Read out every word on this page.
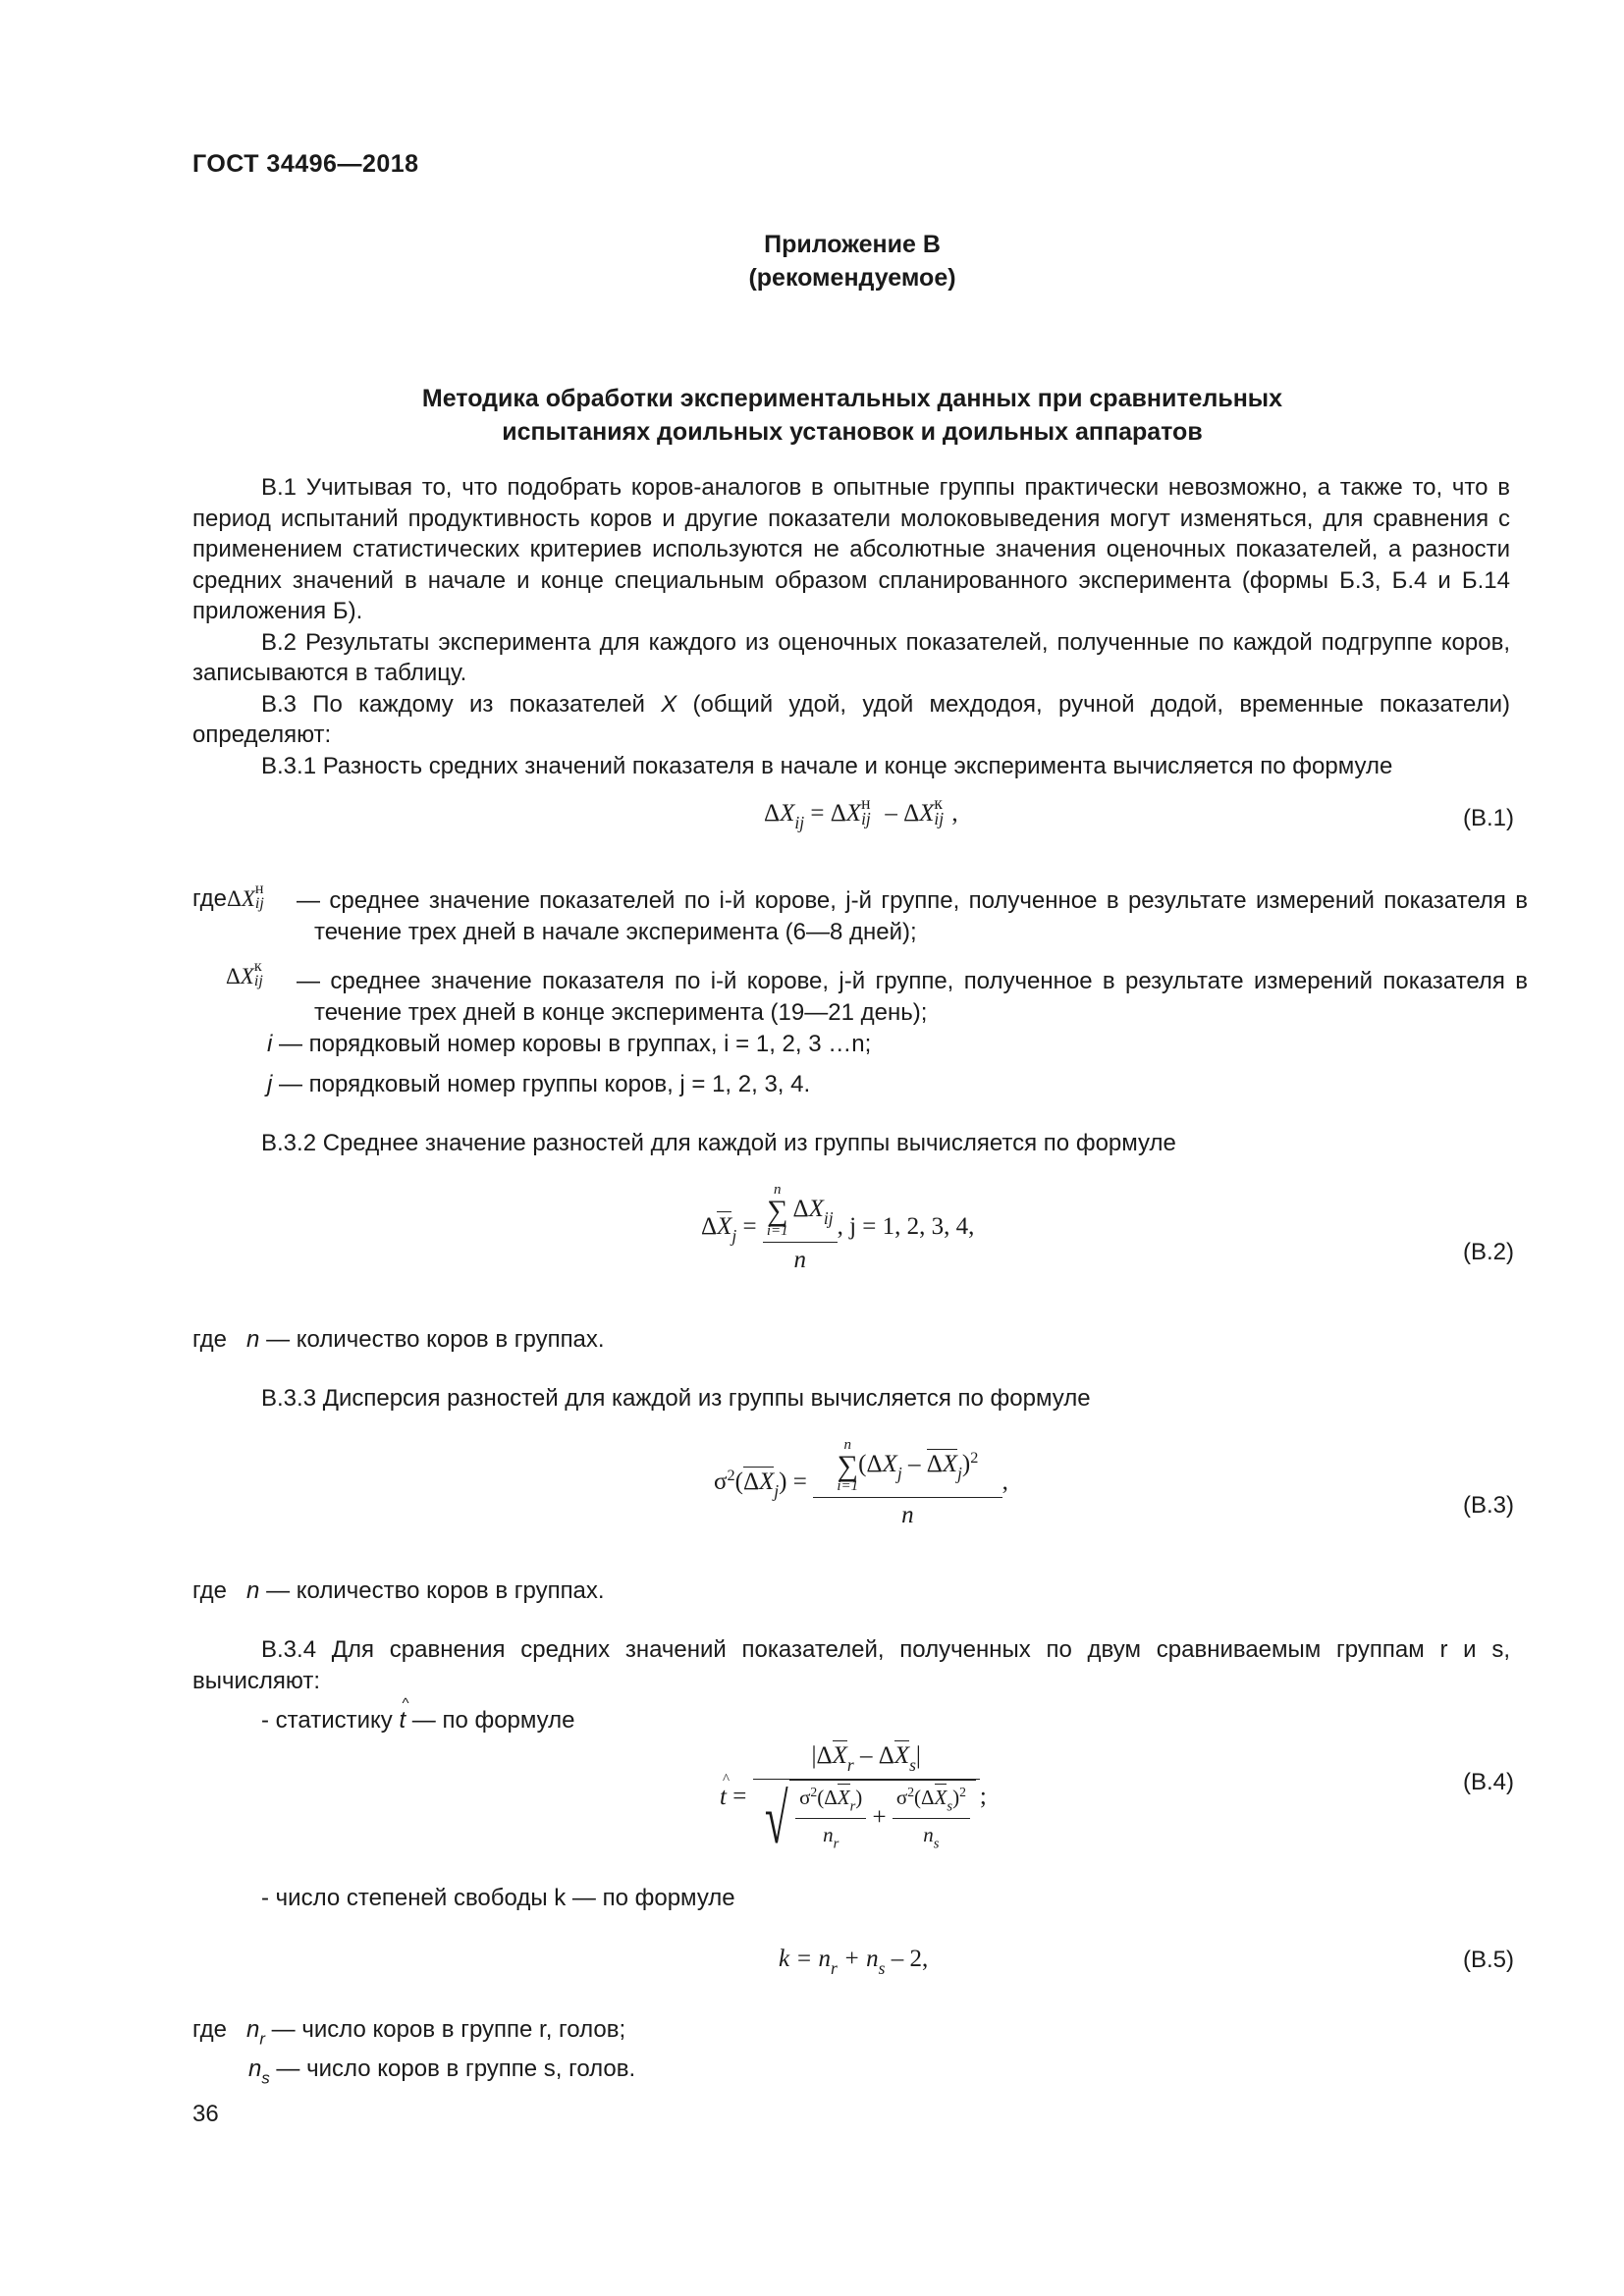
ГОСТ 34496—2018
Приложение В
(рекомендуемое)
Методика обработки экспериментальных данных при сравнительных
испытаниях доильных установок и доильных аппаратов

В.1 Учитывая то, что подобрать коров-аналогов в опытные группы практически невозможно, а также то, что в период испытаний продуктивность коров и другие показатели молоковыведения могут изменяться, для сравнения с применением статистических критериев используются не абсолютные значения оценочных показателей, а разности средних значений в начале и конце специальным образом спланированного эксперимента (формы Б.3, Б.4 и Б.14 приложения Б).

В.2 Результаты эксперимента для каждого из оценочных показателей, полученные по каждой подгруппе коров, записываются в таблицу.

В.3 По каждому из показателей X (общий удой, удой мехдодоя, ручной додой, временные показатели) определяют:

В.3.1 Разность средних значений показателя в начале и конце эксперимента вычисляется по формуле

$\Delta X_{ij} = \Delta X$ н
ij – ΔX к
ij ,	(В.1)
гдеΔX н
ij — среднее значение показателей по i-й корове, j-й группе, полученное в результате измерений показателя в течение трех дней в начале эксперимента (6—8 дней);
ΔX к
ij — среднее значение показателя по i-й корове, j-й группе, полученное в результате измерений показателя в течение трех дней в конце эксперимента (19—21 день);
i — порядковый номер коровы в группах, i = 1, 2, 3 …n;
j — порядковый номер группы коров, j = 1, 2, 3, 4.
В.3.2 Среднее значение разностей для каждой из группы вычисляется по формуле
$\Delta X_j = n$
∑
i=1
$\Delta X_{ij}$
n , j = 1, 2, 3, 4,
(В.2)
где n — количество коров в группах.
В.3.3 Дисперсия разностей для каждой из группы вычисляется по формуле
$\sigma^2(\Delta X_j) = n$
∑
i=1
$(\Delta X_j - \Delta X_j)^2$
n ,
(В.3)
где n — количество коров в группах.
В.3.4 Для сравнения средних значений показателей, полученных по двум сравниваемым группам r и s, вычисляют:
- статистику ^ t — по формуле
^ $t = \frac{|\Delta X_r - \Delta X_s|}{√ \frac{\sigma^2(\Delta X_r)}{n_r} + \frac{\sigma^2(\Delta X_s)^2}{n_s}}$ ;
(В.4)
- число степеней свободы k — по формуле
$k = n_r + n_s - 2$,	(В.5)
где $n_r$ — число коров в группе r, голов;
$n_s$ — число коров в группе s, голов.
36
